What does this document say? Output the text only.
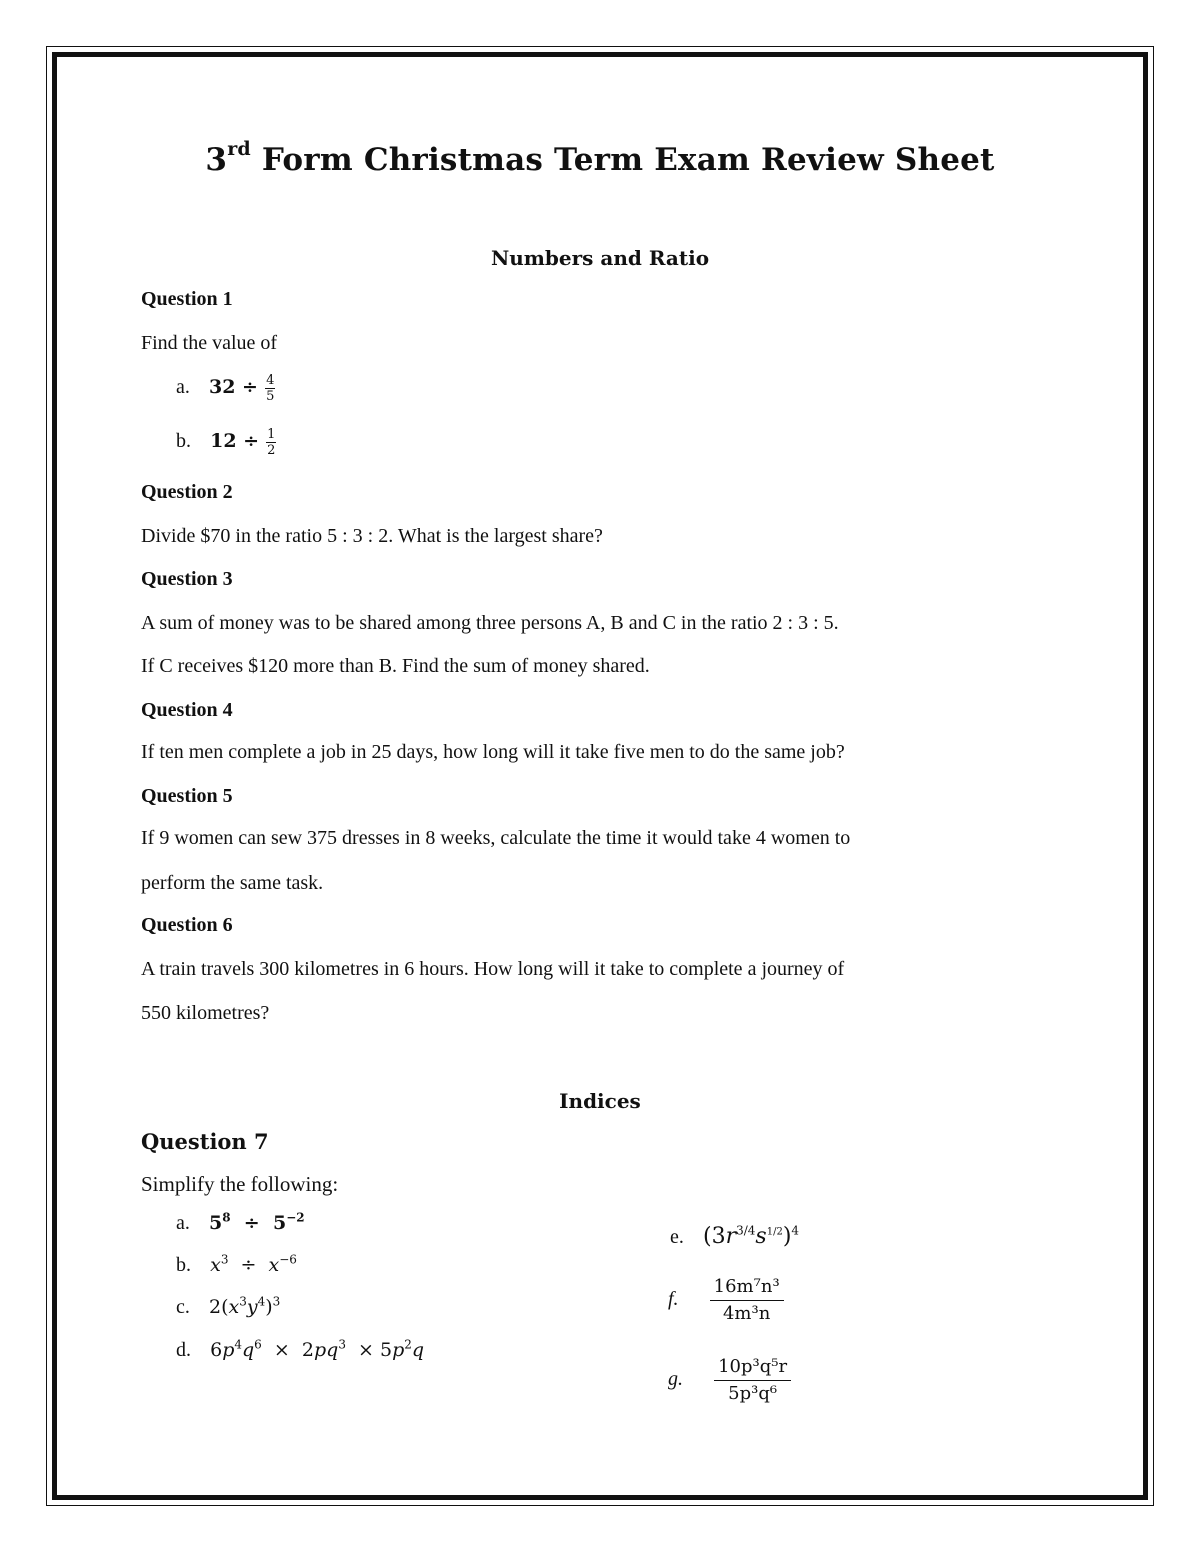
3rd Form Christmas Term Exam Review Sheet
Numbers and Ratio
Question 1
Find the value of
a. $32 \div \frac{4}{5}$
b. $12 \div \frac{1}{2}$
Question 2
Divide $70 in the ratio 5 : 3 : 2. What is the largest share?
Question 3
A sum of money was to be shared among three persons A, B and C in the ratio 2 : 3 : 5.
If C receives $120 more than B. Find the sum of money shared.
Question 4
If ten men complete a job in 25 days, how long will it take five men to do the same job?
Question 5
If 9 women can sew 375 dresses in 8 weeks, calculate the time it would take 4 women to
perform the same task.
Question 6
A train travels 300 kilometres in 6 hours. How long will it take to complete a journey of
550 kilometres?
Indices
Question 7
Simplify the following:
a. $5^8 \div 5^{-2}$
b. $x^3 \div x^{-6}$
c. $2(x^3y^4)^3$
d. $6p^4q^6 \times 2pq^3 \times 5p^2q$
e. $(3r^{3/4}s^{1/2})^4$
f. $\frac{\text{16m⁷n³}}{\text{4m³n}}$
g. $\frac{\text{10p³q⁵r}}{\text{5p³q⁶}}$
